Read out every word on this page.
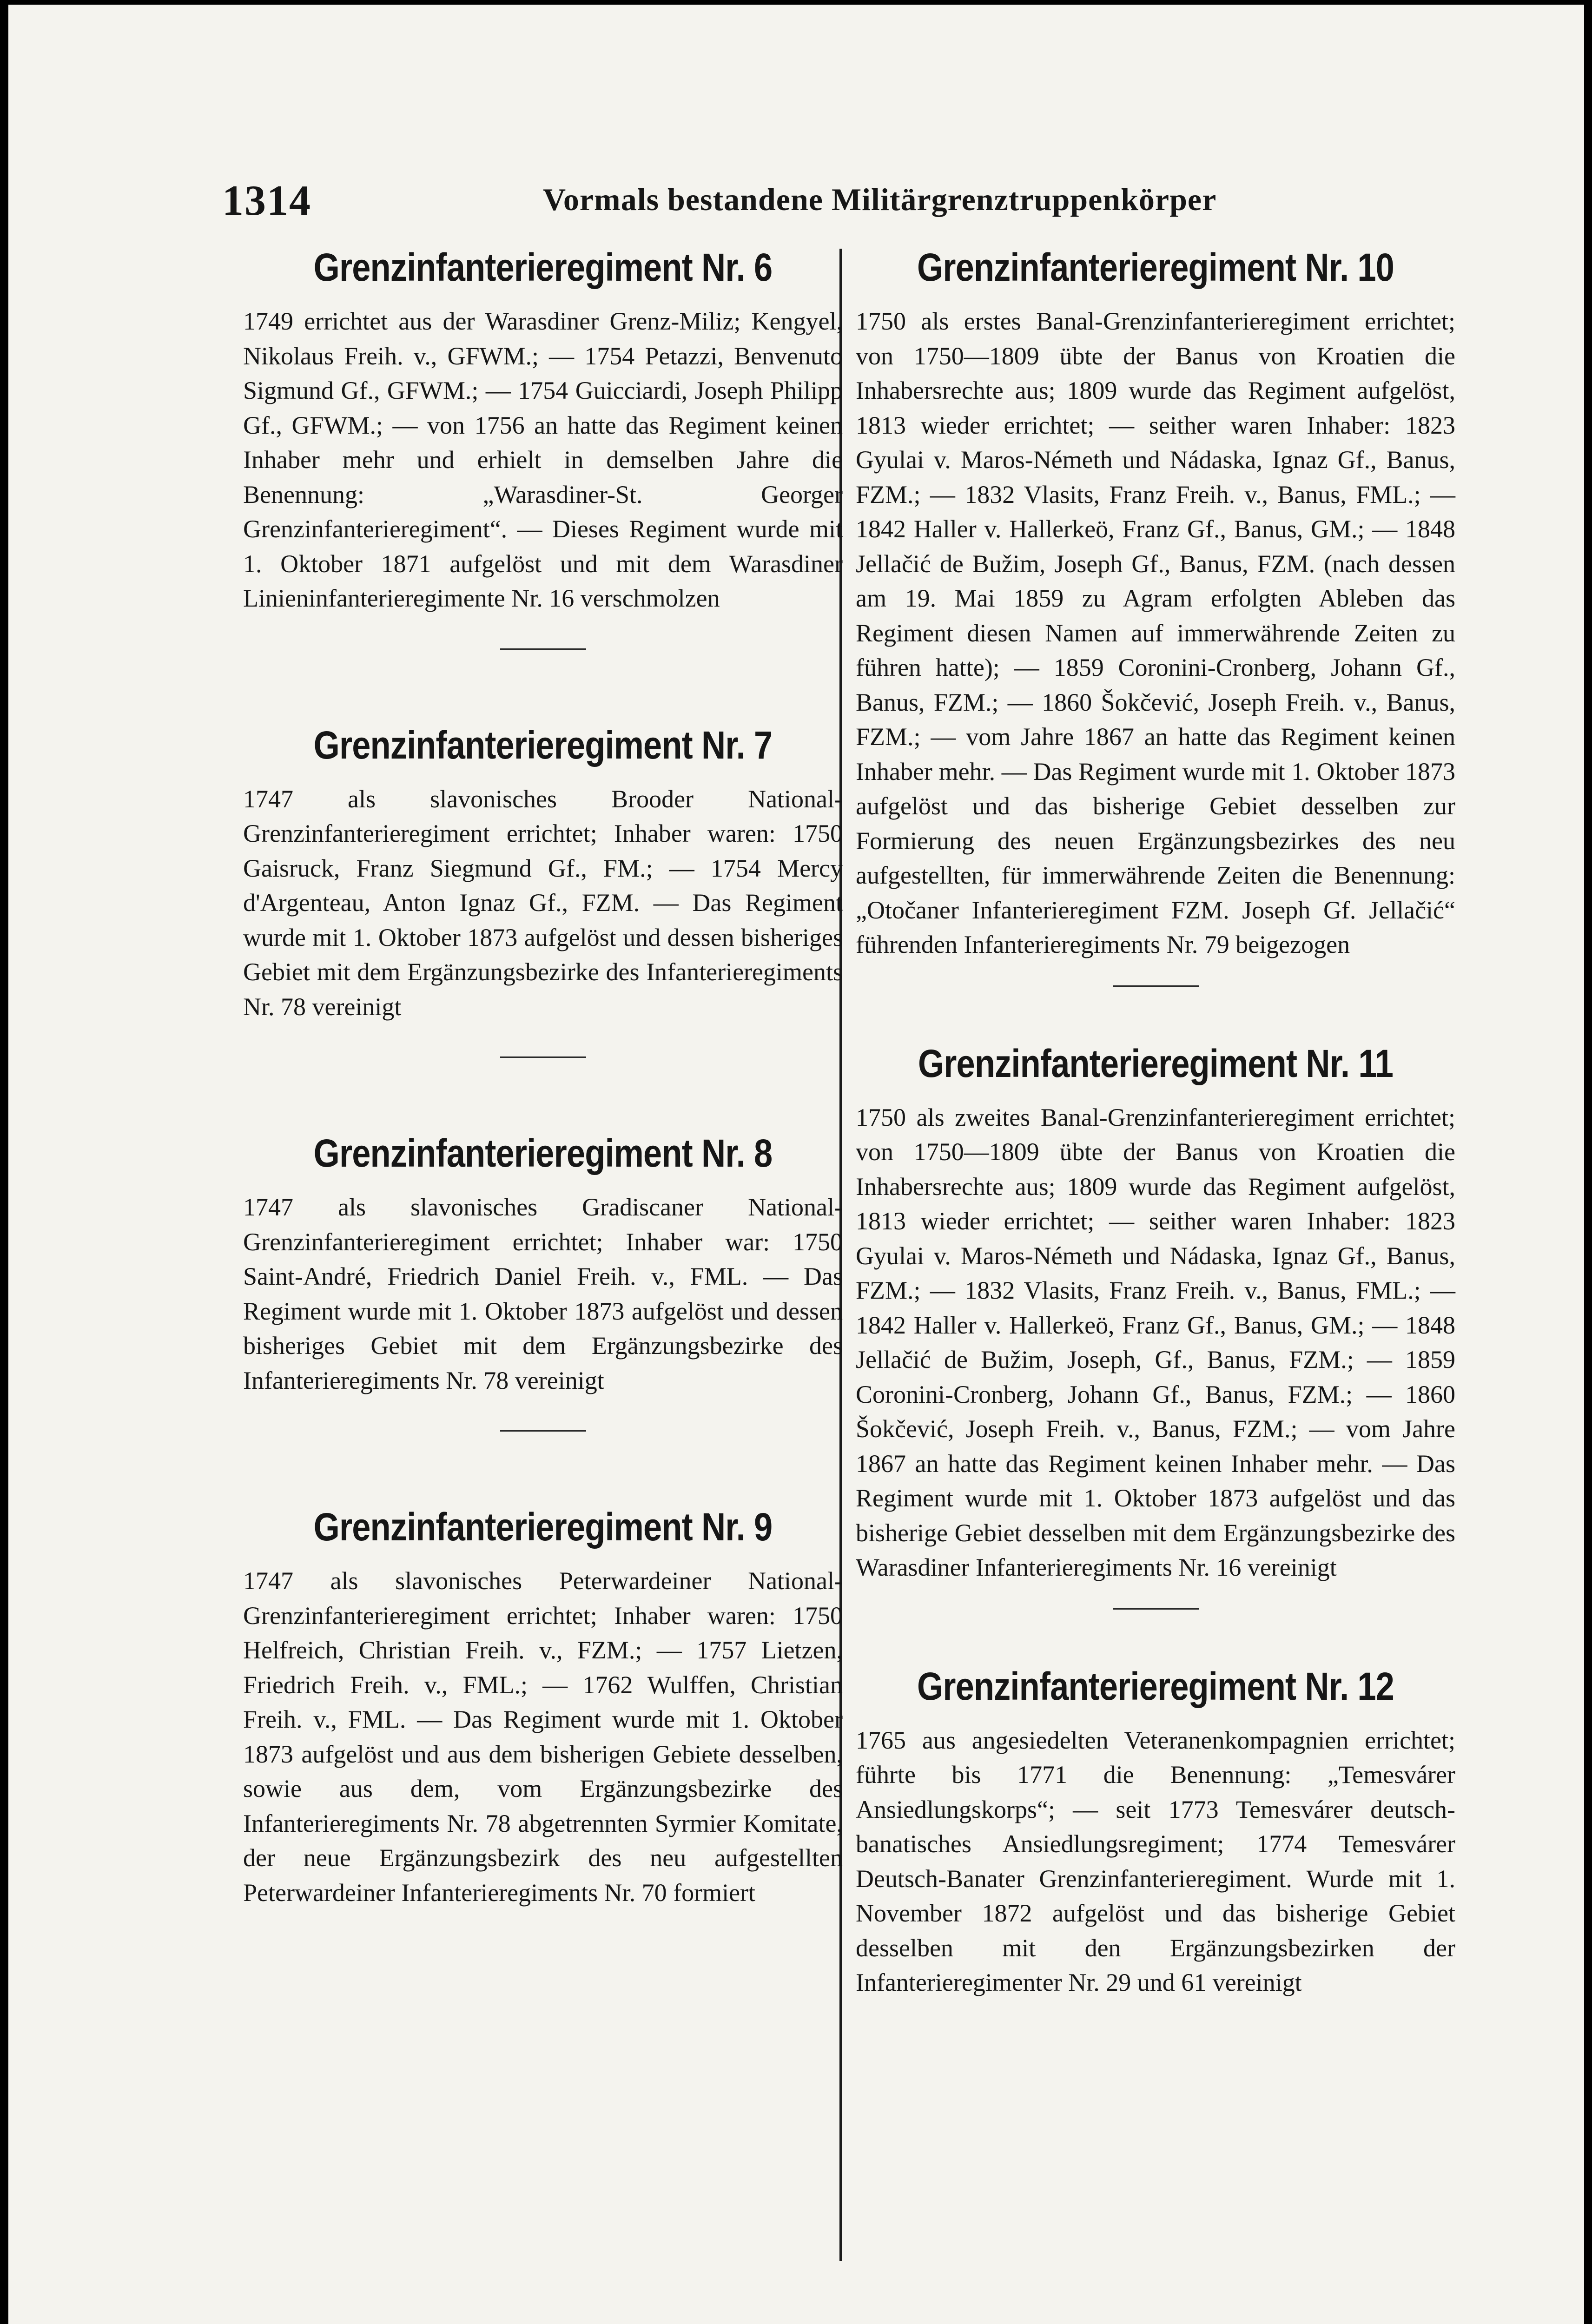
1314	Vormals bestandene Militärgrenztruppenkörper
Grenzinfanterieregiment Nr. 6

1749 errichtet aus der Warasdiner Grenz-Miliz; Kengyel, Nikolaus Freih. v., GFWM.; — 1754 Petazzi, Benvenuto Sigmund Gf., GFWM.; — 1754 Guicciardi, Joseph Philipp Gf., GFWM.; — von 1756 an hatte das Regiment keinen Inhaber mehr und erhielt in demselben Jahre die Benennung: „Warasdiner-St. Georger Grenzinfanterieregiment“. — Dieses Regiment wurde mit 1. Oktober 1871 aufgelöst und mit dem Warasdiner Linieninfanterieregimente Nr. 16 verschmolzen

Grenzinfanterieregiment Nr. 7

1747 als slavonisches Brooder National-Grenzinfanterieregiment errichtet; Inhaber waren: 1750 Gaisruck, Franz Siegmund Gf., FM.; — 1754 Mercy d'Argenteau, Anton Ignaz Gf., FZM. — Das Regiment wurde mit 1. Oktober 1873 aufgelöst und dessen bisheriges Gebiet mit dem Ergänzungsbezirke des Infanterieregiments Nr. 78 vereinigt

Grenzinfanterieregiment Nr. 8

1747 als slavonisches Gradiscaner National-Grenzinfanterieregiment errichtet; Inhaber war: 1750 Saint-André, Friedrich Daniel Freih. v., FML. — Das Regiment wurde mit 1. Oktober 1873 aufgelöst und dessen bisheriges Gebiet mit dem Ergänzungsbezirke des Infanterieregiments Nr. 78 vereinigt

Grenzinfanterieregiment Nr. 9

1747 als slavonisches Peterwardeiner National-Grenzinfanterieregiment errichtet; Inhaber waren: 1750 Helfreich, Christian Freih. v., FZM.; — 1757 Lietzen, Friedrich Freih. v., FML.; — 1762 Wulffen, Christian Freih. v., FML. — Das Regiment wurde mit 1. Oktober 1873 aufgelöst und aus dem bisherigen Gebiete desselben, sowie aus dem, vom Ergänzungsbezirke des Infanterieregiments Nr. 78 abgetrennten Syrmier Komitate, der neue Ergänzungsbezirk des neu aufgestellten Peterwardeiner Infanterieregiments Nr. 70 formiert

Grenzinfanterieregiment Nr. 10

1750 als erstes Banal-Grenzinfanterieregiment errichtet; von 1750—1809 übte der Banus von Kroatien die Inhabersrechte aus; 1809 wurde das Regiment aufgelöst, 1813 wieder errichtet; — seither waren Inhaber: 1823 Gyulai v. Maros-Németh und Nádaska, Ignaz Gf., Banus, FZM.; — 1832 Vlasits, Franz Freih. v., Banus, FML.; — 1842 Haller v. Hallerkeö, Franz Gf., Banus, GM.; — 1848 Jellačić de Bužim, Joseph Gf., Banus, FZM. (nach dessen am 19. Mai 1859 zu Agram erfolgten Ableben das Regiment diesen Namen auf immerwährende Zeiten zu führen hatte); — 1859 Coronini-Cronberg, Johann Gf., Banus, FZM.; — 1860 Šokčević, Joseph Freih. v., Banus, FZM.; — vom Jahre 1867 an hatte das Regiment keinen Inhaber mehr. — Das Regiment wurde mit 1. Oktober 1873 aufgelöst und das bisherige Gebiet desselben zur Formierung des neuen Ergänzungsbezirkes des neu aufgestellten, für immerwährende Zeiten die Benennung: „Otočaner Infanterieregiment FZM. Joseph Gf. Jellačić“ führenden Infanterieregiments Nr. 79 beigezogen

Grenzinfanterieregiment Nr. 11

1750 als zweites Banal-Grenzinfanterieregiment errichtet; von 1750—1809 übte der Banus von Kroatien die Inhabersrechte aus; 1809 wurde das Regiment aufgelöst, 1813 wieder errichtet; — seither waren Inhaber: 1823 Gyulai v. Maros-Németh und Nádaska, Ignaz Gf., Banus, FZM.; — 1832 Vlasits, Franz Freih. v., Banus, FML.; — 1842 Haller v. Hallerkeö, Franz Gf., Banus, GM.; — 1848 Jellačić de Bužim, Joseph, Gf., Banus, FZM.; — 1859 Coronini-Cronberg, Johann Gf., Banus, FZM.; — 1860 Šokčević, Joseph Freih. v., Banus, FZM.; — vom Jahre 1867 an hatte das Regiment keinen Inhaber mehr. — Das Regiment wurde mit 1. Oktober 1873 aufgelöst und das bisherige Gebiet desselben mit dem Ergänzungsbezirke des Warasdiner Infanterieregiments Nr. 16 vereinigt

Grenzinfanterieregiment Nr. 12

1765 aus angesiedelten Veteranenkompagnien errichtet; führte bis 1771 die Benennung: „Temesvárer Ansiedlungskorps“; — seit 1773 Temesvárer deutsch-banatisches Ansiedlungsregiment; 1774 Temesvárer Deutsch-Banater Grenzinfanterieregiment. Wurde mit 1. November 1872 aufgelöst und das bisherige Gebiet desselben mit den Ergänzungsbezirken der Infanterieregimenter Nr. 29 und 61 vereinigt
